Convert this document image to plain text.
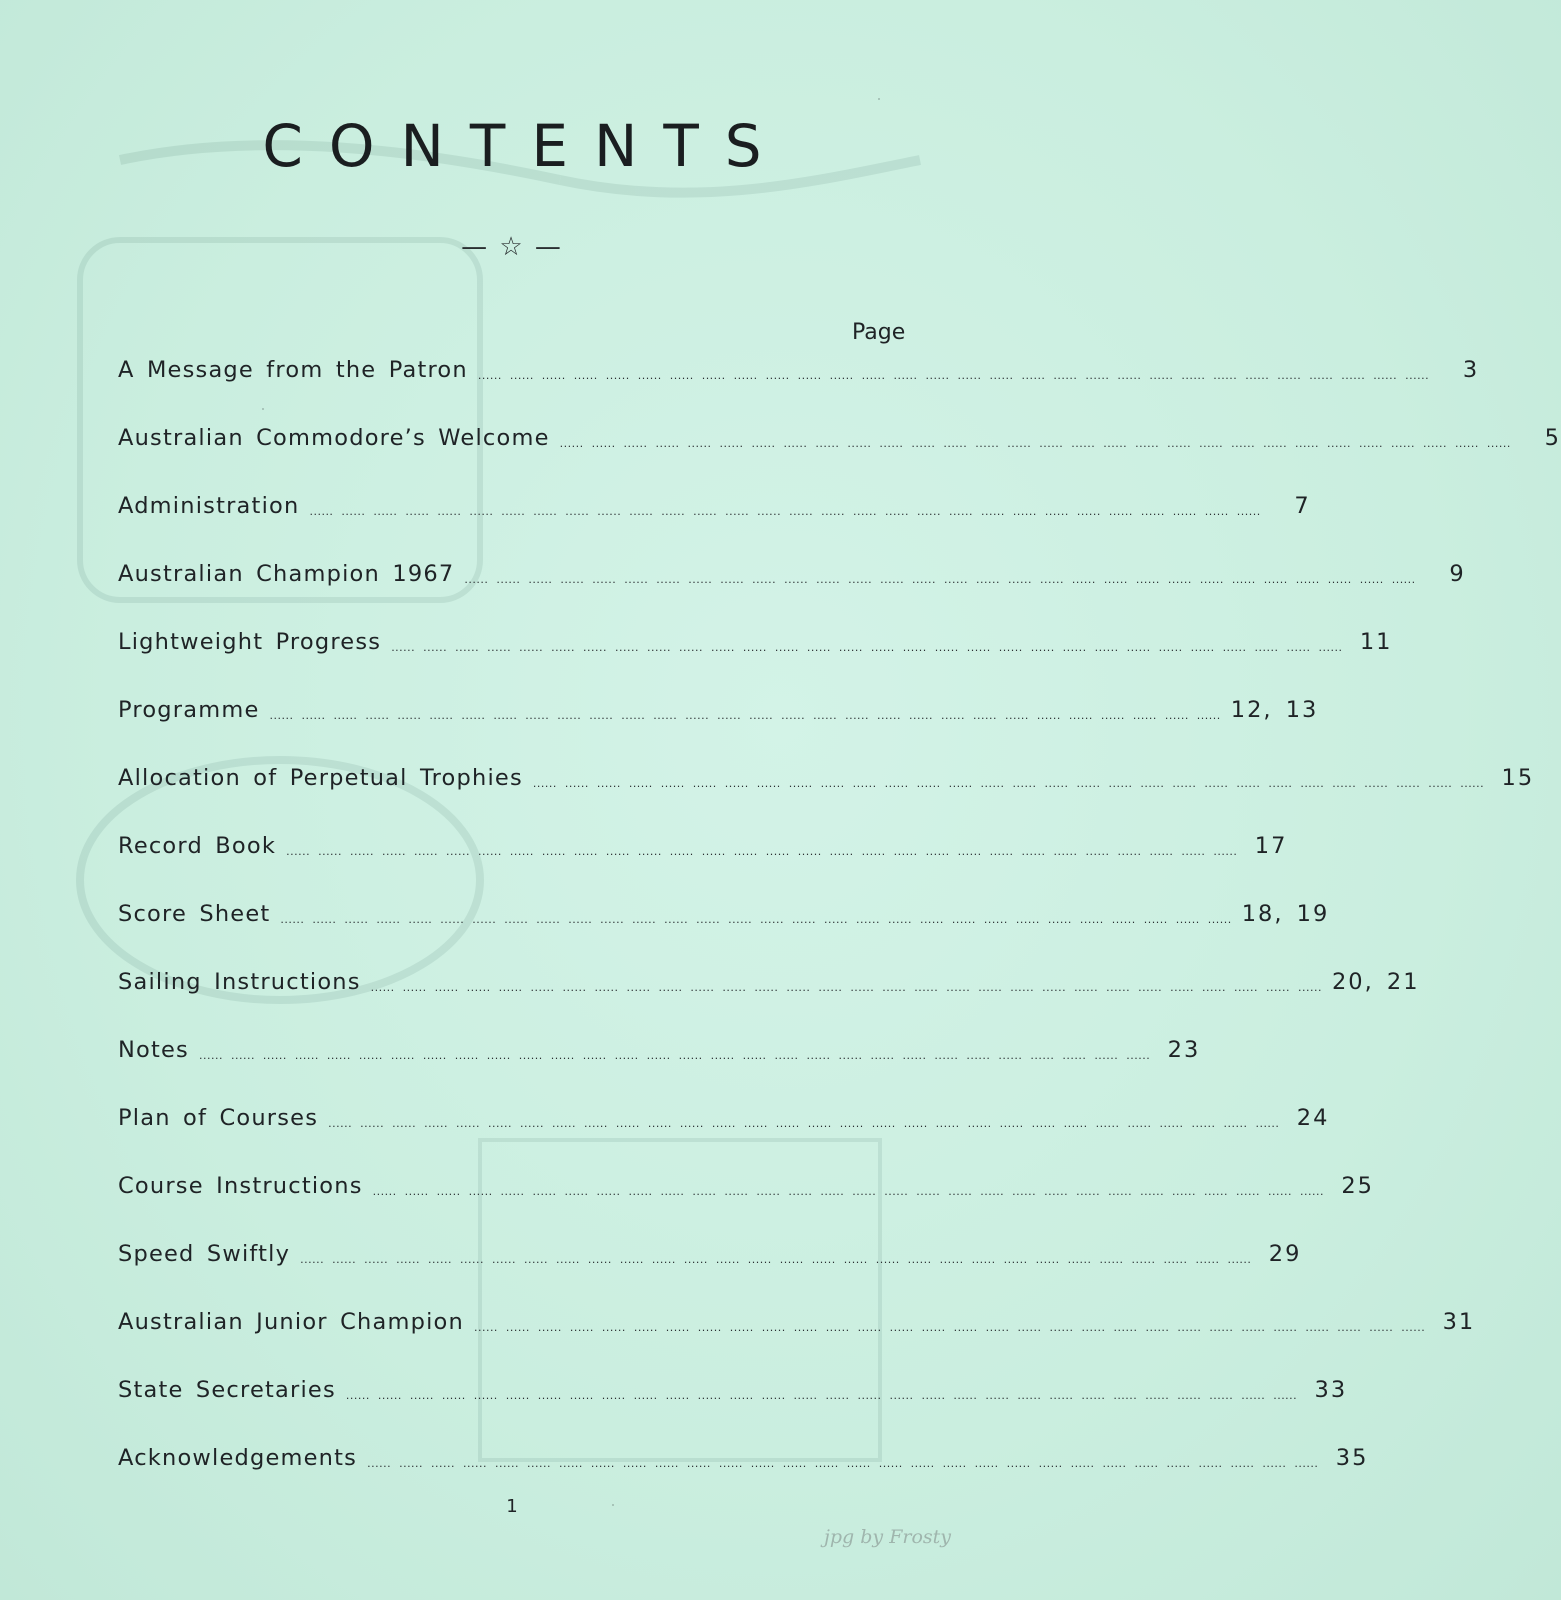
CONTENTS
— ☆ —
Page
A Message from the Patron ...... ...... ...... ...... ...... ...... ...... ...... ...... ...... ...... ...... ...... ...... ...... ...... ...... ...... ...... ...... ...... ...... ...... ...... ...... ...... ...... ...... ...... ......	3
Australian Commodore’s Welcome ...... ...... ...... ...... ...... ...... ...... ...... ...... ...... ...... ...... ...... ...... ...... ...... ...... ...... ...... ...... ...... ...... ...... ...... ...... ...... ...... ...... ...... ......	5
Administration ...... ...... ...... ...... ...... ...... ...... ...... ...... ...... ...... ...... ...... ...... ...... ...... ...... ...... ...... ...... ...... ...... ...... ...... ...... ...... ...... ...... ...... ......	7
Australian Champion 1967 ...... ...... ...... ...... ...... ...... ...... ...... ...... ...... ...... ...... ...... ...... ...... ...... ...... ...... ...... ...... ...... ...... ...... ...... ...... ...... ...... ...... ...... ......	9
Lightweight Progress ...... ...... ...... ...... ...... ...... ...... ...... ...... ...... ...... ...... ...... ...... ...... ...... ...... ...... ...... ...... ...... ...... ...... ...... ...... ...... ...... ...... ...... ...... 11
Programme ...... ...... ...... ...... ...... ...... ...... ...... ...... ...... ...... ...... ...... ...... ...... ...... ...... ...... ...... ...... ...... ...... ...... ...... ...... ...... ...... ...... ...... ...... 12, 13
Allocation of Perpetual Trophies ...... ...... ...... ...... ...... ...... ...... ...... ...... ...... ...... ...... ...... ...... ...... ...... ...... ...... ...... ...... ...... ...... ...... ...... ...... ...... ...... ...... ...... ...... 15
Record Book ...... ...... ...... ...... ...... ...... ...... ...... ...... ...... ...... ...... ...... ...... ...... ...... ...... ...... ...... ...... ...... ...... ...... ...... ...... ...... ...... ...... ...... ...... 17
Score Sheet ...... ...... ...... ...... ...... ...... ...... ...... ...... ...... ...... ...... ...... ...... ...... ...... ...... ...... ...... ...... ...... ...... ...... ...... ...... ...... ...... ...... ...... ...... 18, 19
Sailing Instructions ...... ...... ...... ...... ...... ...... ...... ...... ...... ...... ...... ...... ...... ...... ...... ...... ...... ...... ...... ...... ...... ...... ...... ...... ...... ...... ...... ...... ...... ...... 20, 21
Notes ...... ...... ...... ...... ...... ...... ...... ...... ...... ...... ...... ...... ...... ...... ...... ...... ...... ...... ...... ...... ...... ...... ...... ...... ...... ...... ...... ...... ...... ...... 23
Plan of Courses ...... ...... ...... ...... ...... ...... ...... ...... ...... ...... ...... ...... ...... ...... ...... ...... ...... ...... ...... ...... ...... ...... ...... ...... ...... ...... ...... ...... ...... ...... 24
Course Instructions ...... ...... ...... ...... ...... ...... ...... ...... ...... ...... ...... ...... ...... ...... ...... ...... ...... ...... ...... ...... ...... ...... ...... ...... ...... ...... ...... ...... ...... ...... 25
Speed Swiftly ...... ...... ...... ...... ...... ...... ...... ...... ...... ...... ...... ...... ...... ...... ...... ...... ...... ...... ...... ...... ...... ...... ...... ...... ...... ...... ...... ...... ...... ...... 29
Australian Junior Champion ...... ...... ...... ...... ...... ...... ...... ...... ...... ...... ...... ...... ...... ...... ...... ...... ...... ...... ...... ...... ...... ...... ...... ...... ...... ...... ...... ...... ...... ...... 31
State Secretaries ...... ...... ...... ...... ...... ...... ...... ...... ...... ...... ...... ...... ...... ...... ...... ...... ...... ...... ...... ...... ...... ...... ...... ...... ...... ...... ...... ...... ...... ...... 33
Acknowledgements ...... ...... ...... ...... ...... ...... ...... ...... ...... ...... ...... ...... ...... ...... ...... ...... ...... ...... ...... ...... ...... ...... ...... ...... ...... ...... ...... ...... ...... ...... 35
1
jpg by Frosty
